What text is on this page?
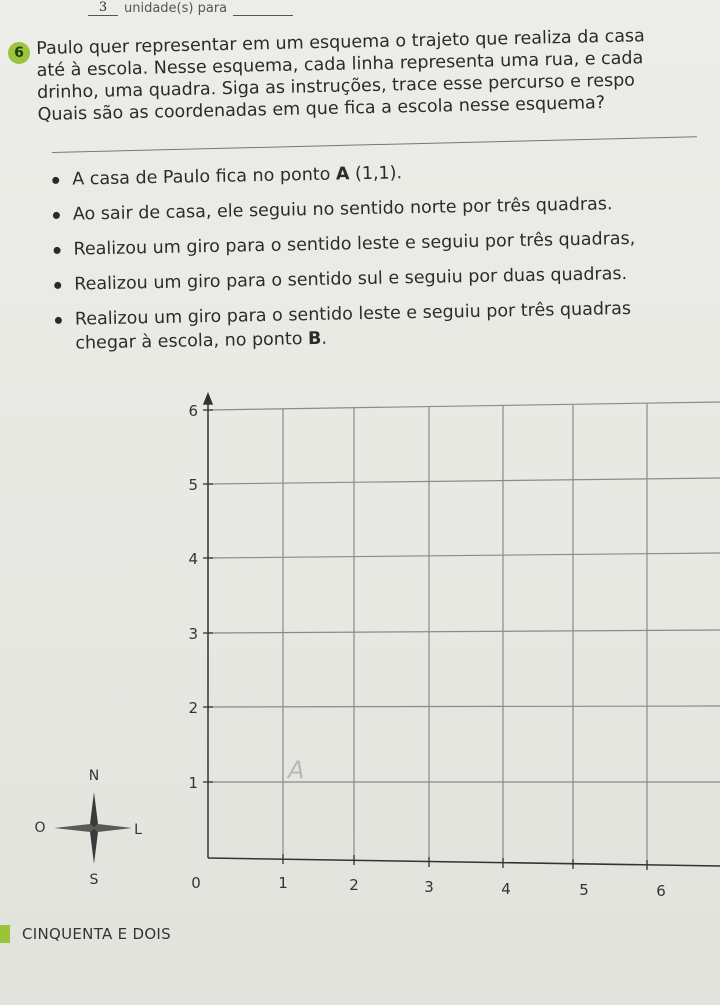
3	unidade(s) para
6 Paulo quer representar em um esquema o trajeto que realiza da casa
até à escola. Nesse esquema, cada linha representa uma rua, e cada
drinho, uma quadra. Siga as instruções, trace esse percurso e respo
Quais são as coordenadas em que fica a escola nesse esquema?
A casa de Paulo fica no ponto A (1,1).
Ao sair de casa, ele seguiu no sentido norte por três quadras.
Realizou um giro para o sentido leste e seguiu por três quadras,
Realizou um giro para o sentido sul e seguiu por duas quadras.
Realizou um giro para o sentido leste e seguiu por três quadras
chegar à escola, no ponto B.
6
5
4
3
2
1
0	1	2	3	4	5	6
A
N
O	L
S
CINQUENTA E DOIS
